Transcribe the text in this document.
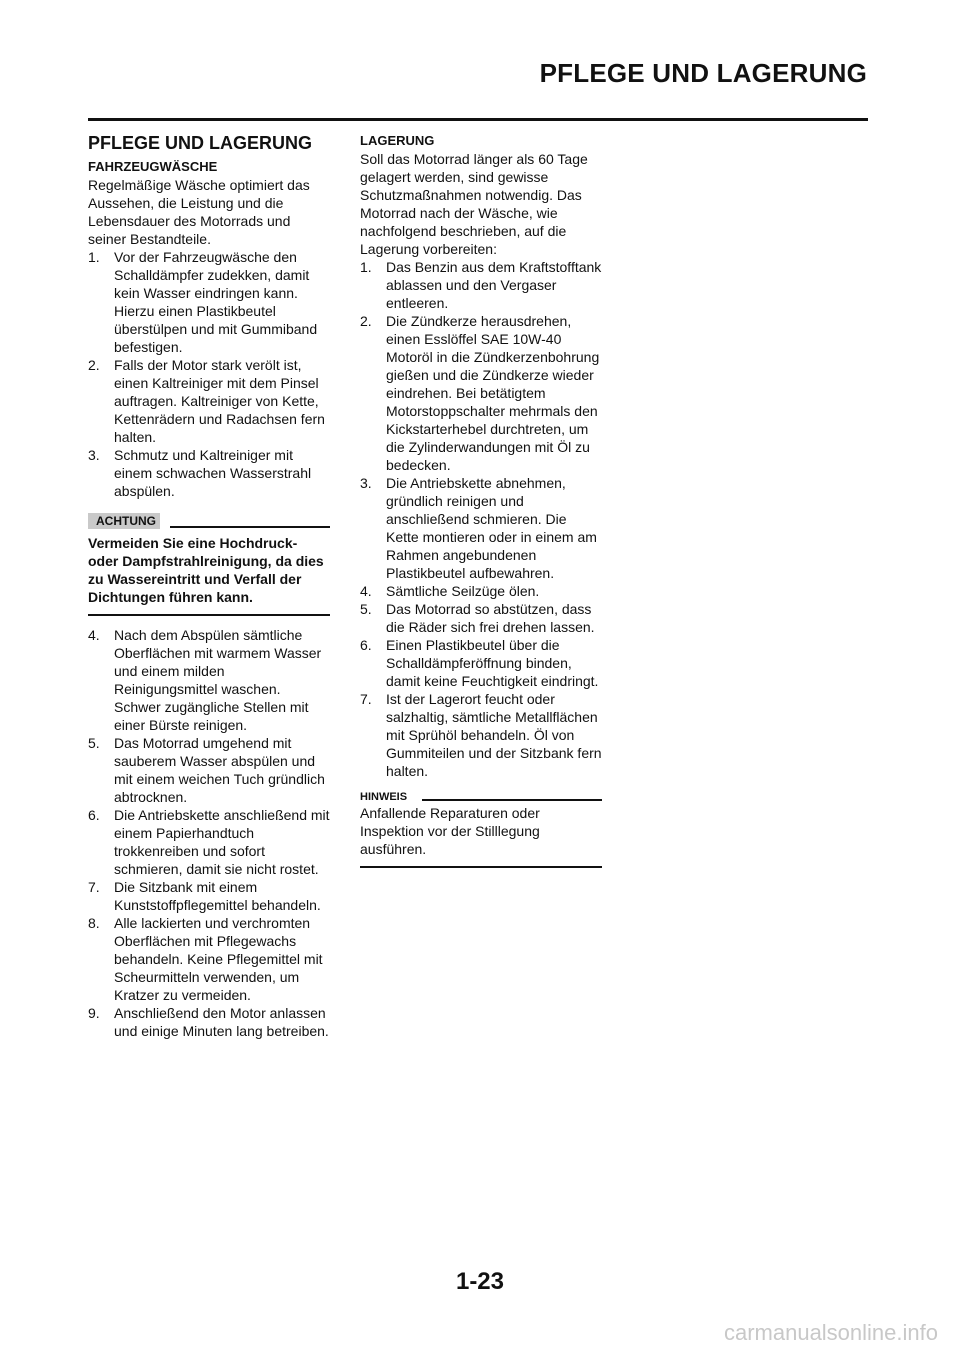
PFLEGE UND LAGERUNG
PFLEGE UND LAGERUNG
FAHRZEUGWÄSCHE

Regelmäßige Wäsche optimiert das Aussehen, die Leistung und die Lebensdauer des Motorrads und seiner Bestandteile.

1. Vor der Fahrzeugwäsche den Schalldämpfer zudekken, damit kein Wasser eindringen kann. Hierzu einen Plastikbeutel überstülpen und mit Gummiband befestigen.
2. Falls der Motor stark verölt ist, einen Kaltreiniger mit dem Pinsel auftragen. Kaltreiniger von Kette, Kettenrädern und Radachsen fern halten.
3. Schmutz und Kaltreiniger mit einem schwachen Wasserstrahl abspülen.
ACHTUNG

Vermeiden Sie eine Hochdruck- oder Dampfstrahlreinigung, da dies zu Wassereintritt und Verfall der Dichtungen führen kann.

4. Nach dem Abspülen sämtliche Oberflächen mit warmem Wasser und einem milden Reinigungsmittel waschen. Schwer zugängliche Stellen mit einer Bürste reinigen.
5. Das Motorrad umgehend mit sauberem Wasser abspülen und mit einem weichen Tuch gründlich abtrocknen.
6. Die Antriebskette anschließend mit einem Papierhandtuch trokkenreiben und sofort schmieren, damit sie nicht rostet.
7. Die Sitzbank mit einem Kunststoffpflegemittel behandeln.
8. Alle lackierten und verchromten Oberflächen mit Pflegewachs behandeln. Keine Pflegemittel mit Scheurmitteln verwenden, um Kratzer zu vermeiden.
9. Anschließend den Motor anlassen und einige Minuten lang betreiben.
LAGERUNG

Soll das Motorrad länger als 60 Tage gelagert werden, sind gewisse Schutzmaßnahmen notwendig. Das Motorrad nach der Wäsche, wie nachfolgend beschrieben, auf die Lagerung vorbereiten:

1. Das Benzin aus dem Kraftstofftank ablassen und den Vergaser entleeren.
2. Die Zündkerze herausdrehen, einen Esslöffel SAE 10W-40 Motoröl in die Zündkerzenbohrung gießen und die Zündkerze wieder eindrehen. Bei betätigtem Motorstoppschalter mehrmals den Kickstarterhebel durchtreten, um die Zylinderwandungen mit Öl zu bedecken.
3. Die Antriebskette abnehmen, gründlich reinigen und anschließend schmieren. Die Kette montieren oder in einem am Rahmen angebundenen Plastikbeutel aufbewahren.
4. Sämtliche Seilzüge ölen.
5. Das Motorrad so abstützen, dass die Räder sich frei drehen lassen.
6. Einen Plastikbeutel über die Schalldämpferöffnung binden, damit keine Feuchtigkeit eindringt.
7. Ist der Lagerort feucht oder salzhaltig, sämtliche Metallflächen mit Sprühöl behandeln. Öl von Gummiteilen und der Sitzbank fern halten.
HINWEIS

Anfallende Reparaturen oder Inspektion vor der Stilllegung ausführen.

1-23

carmanualsonline.info
